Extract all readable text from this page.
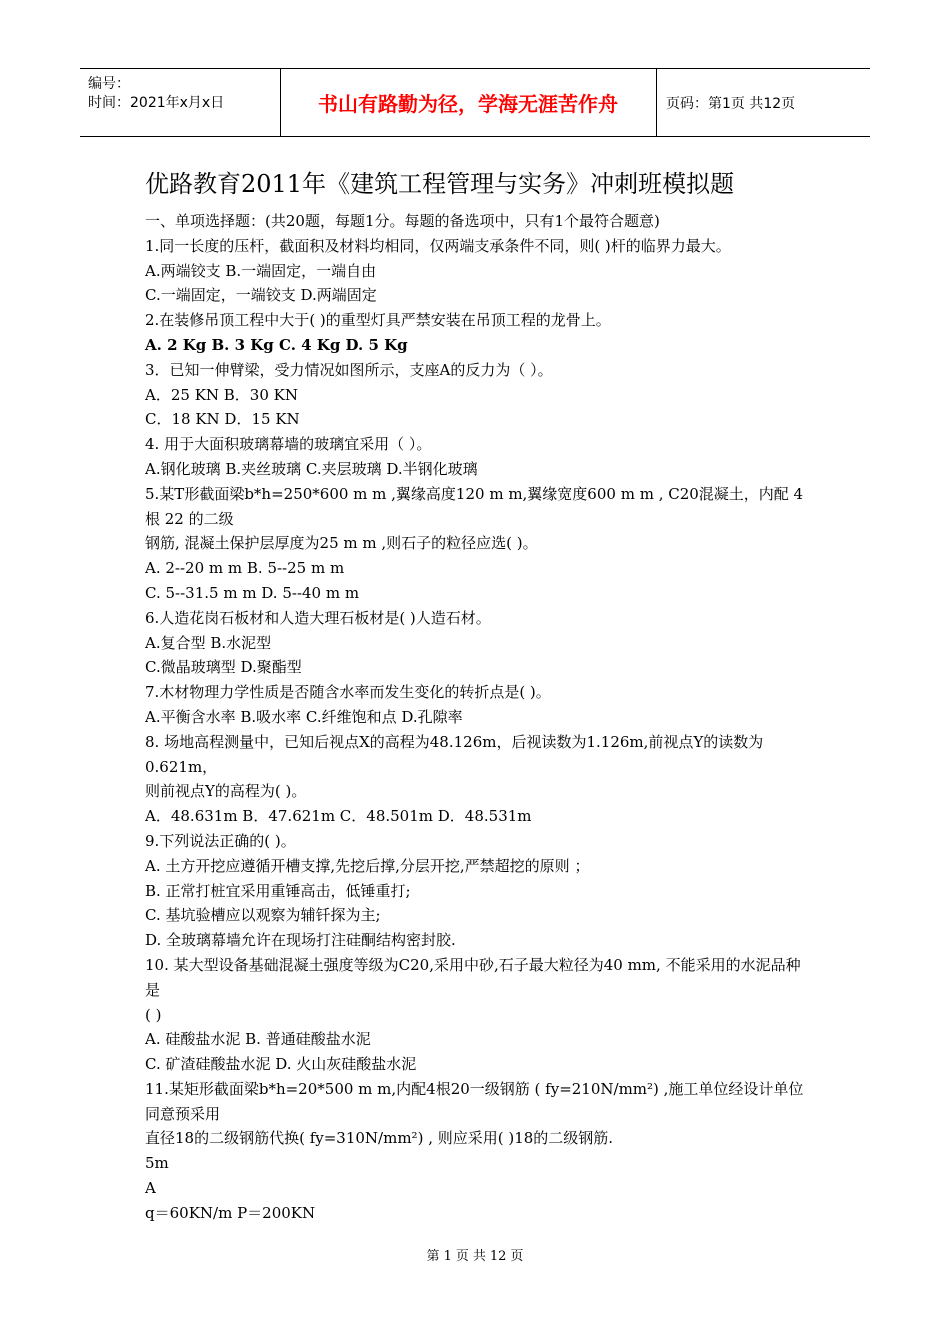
编号：
时间：2021年x月x日	书山有路勤为径，学海无涯苦作舟	页码：第1页 共12页
优路教育2011年《建筑工程管理与实务》冲刺班模拟题
一、单项选择题：(共20题，每题1分。每题的备选项中，只有1个最符合题意)
1.同一长度的压杆，截面积及材料均相同，仅两端支承条件不同，则( )杆的临界力最大。
A.两端铰支 B.一端固定，一端自由
C.一端固定，一端铰支 D.两端固定
2.在装修吊顶工程中大于( )的重型灯具严禁安装在吊顶工程的龙骨上。
A. 2 Kg B. 3 Kg C. 4 Kg D. 5 Kg
3．已知一伸臂梁，受力情况如图所示，支座A的反力为（ ）。
A．25 KN B．30 KN
C．18 KN D．15 KN
4. 用于大面积玻璃幕墙的玻璃宜采用（ ）。
A.钢化玻璃 B.夹丝玻璃 C.夹层玻璃 D.半钢化玻璃
5.某T形截面梁b*h=250*600 m m ,翼缘高度120 m m,翼缘宽度600 m m , C20混凝土，内配 4根 22 的二级
钢筋, 混凝土保护层厚度为25 m m ,则石子的粒径应选( )。
A. 2--20 m m B. 5--25 m m
C. 5--31.5 m m D. 5--40 m m
6.人造花岗石板材和人造大理石板材是( )人造石材。
A.复合型 B.水泥型
C.微晶玻璃型 D.聚酯型
7.木材物理力学性质是否随含水率而发生变化的转折点是( )。
A.平衡含水率 B.吸水率 C.纤维饱和点 D.孔隙率
8. 场地高程测量中，已知后视点X的高程为48.126m，后视读数为1.126m,前视点Y的读数为0.621m，
则前视点Y的高程为( )。
A．48.631m B．47.621m C．48.501m D．48.531m
9.下列说法正确的( )。
A. 土方开挖应遵循开槽支撑,先挖后撑,分层开挖,严禁超挖的原则 ；
B. 正常打桩宜采用重锤高击，低锤重打;
C. 基坑验槽应以观察为辅钎探为主;
D. 全玻璃幕墙允许在现场打注硅酮结构密封胶.
10. 某大型设备基础混凝土强度等级为C20,采用中砂,石子最大粒径为40 mm, 不能采用的水泥品种是
( )
A. 硅酸盐水泥 B. 普通硅酸盐水泥
C. 矿渣硅酸盐水泥 D. 火山灰硅酸盐水泥
11.某矩形截面梁b*h=20*500 m m,内配4根20一级钢筋 ( fy=210N/mm²) ,施工单位经设计单位同意预采用
直径18的二级钢筋代换( fy=310N/mm²) , 则应采用( )18的二级钢筋.
5m
A
q＝60KN/m P＝200KN
第 1 页 共 12 页
